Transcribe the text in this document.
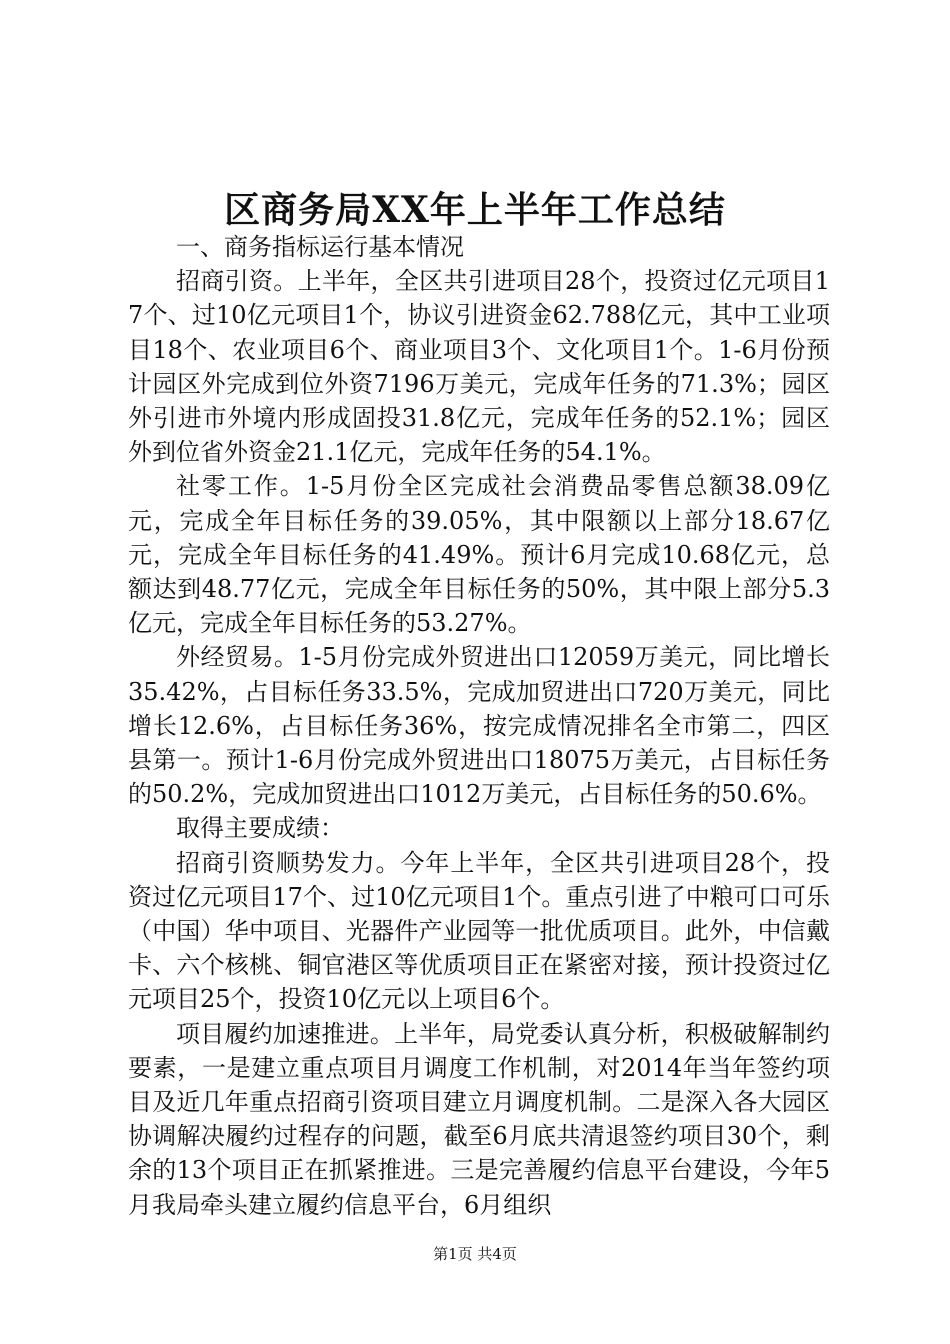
区商务局XX年上半年工作总结

一、商务指标运行基本情况

招商引资。上半年，全区共引进项目28个，投资过亿元项目17个、过10亿元项目1个，协议引进资金62.788亿元，其中工业项目18个、农业项目6个、商业项目3个、文化项目1个。1-6月份预计园区外完成到位外资7196万美元，完成年任务的71.3%；园区外引进市外境内形成固投31.8亿元，完成年任务的52.1%；园区外到位省外资金21.1亿元，完成年任务的54.1%。

社零工作。1-5月份全区完成社会消费品零售总额38.09亿元，完成全年目标任务的39.05%，其中限额以上部分18.67亿元，完成全年目标任务的41.49%。预计6月完成10.68亿元，总额达到48.77亿元，完成全年目标任务的50%，其中限上部分5.3亿元，完成全年目标任务的53.27%。

外经贸易。1-5月份完成外贸进出口12059万美元，同比增长35.42%，占目标任务33.5%，完成加贸进出口720万美元，同比增长12.6%，占目标任务36%，按完成情况排名全市第二，四区县第一。预计1-6月份完成外贸进出口18075万美元，占目标任务的50.2%，完成加贸进出口1012万美元，占目标任务的50.6%。

取得主要成绩：

招商引资顺势发力。今年上半年，全区共引进项目28个，投资过亿元项目17个、过10亿元项目1个。重点引进了中粮可口可乐（中国）华中项目、光器件产业园等一批优质项目。此外，中信戴卡、六个核桃、铜官港区等优质项目正在紧密对接，预计投资过亿元项目25个，投资10亿元以上项目6个。

项目履约加速推进。上半年，局党委认真分析，积极破解制约要素，一是建立重点项目月调度工作机制，对2014年当年签约项目及近几年重点招商引资项目建立月调度机制。二是深入各大园区协调解决履约过程存的问题，截至6月底共清退签约项目30个，剩余的13个项目正在抓紧推进。三是完善履约信息平台建设，今年5月我局牵头建立履约信息平台，6月组织

第1页 共4页
